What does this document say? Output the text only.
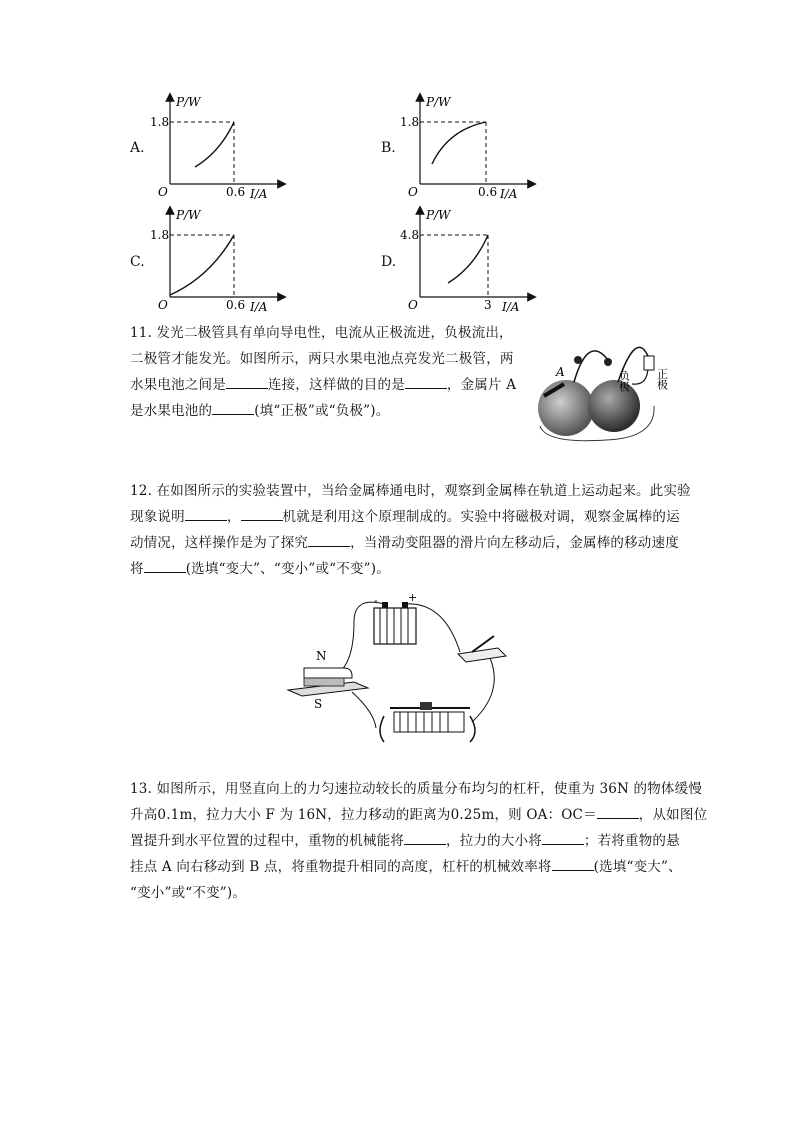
A.
P/W
1.8
O	0.6 I/A
B.
P/W
1.8
O	0.6 I/A
C.
P/W
1.8
O	0.6 I/A
D.
P/W
4.8
O	3 I/A

11. 发光二极管具有单向导电性，电流从正极流进，负极流出，

二极管才能发光。如图所示，两只水果电池点亮发光二极管，两

水果电池之间是	连接，这样做的目的是	，金属片 A

是水果电池的	(填“正极”或“负极”)。

A	负极 正极

12. 在如图所示的实验装置中，当给金属棒通电时，观察到金属棒在轨道上运动起来。此实验

现象说明	，	机就是利用这个原理制成的。实验中将磁极对调，观察金属棒的运

动情况，这样操作是为了探究	，当滑动变阻器的滑片向左移动后，金属棒的移动速度

将	(选填“变大”、“变小”或“不变”)。

-	+
N
S

13. 如图所示，用竖直向上的力匀速拉动较长的质量分布均匀的杠杆，使重为 36N 的物体缓慢

升高0.1m，拉力大小 F 为 16N，拉力移动的距离为0.25m，则 OA：OC＝	，从如图位

置提升到水平位置的过程中，重物的机械能将	，拉力的大小将	；若将重物的悬

挂点 A 向右移动到 B 点，将重物提升相同的高度，杠杆的机械效率将	(选填“变大”、

“变小”或“不变”)。
